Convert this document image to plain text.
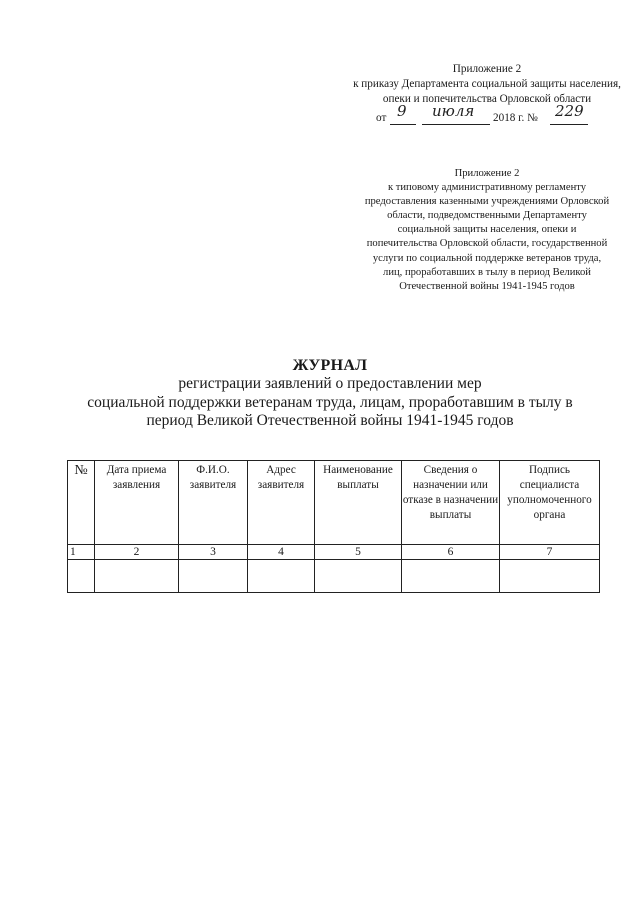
Приложение 2
к приказу Департамента социальной защиты населения, опеки и попечительства Орловской области
от 9 июля 2018 г. № 229
Приложение 2
к типовому административному регламенту предоставления казенными учреждениями Орловской области, подведомственными Департаменту социальной защиты населения, опеки и попечительства Орловской области, государственной услуги по социальной поддержке ветеранов труда, лиц, проработавших в тылу в период Великой Отечественной войны 1941-1945 годов
ЖУРНАЛ
регистрации заявлений о предоставлении мер
социальной поддержки ветеранам труда, лицам, проработавшим в тылу в
период Великой Отечественной войны 1941-1945 годов
№	Дата приема заявления	Ф.И.О. заявителя	Адрес заявителя	Наименование выплаты	Сведения о назначении или отказе в назначении выплаты	Подпись специалиста уполномоченного органа
1	2	3	4	5	6	7
